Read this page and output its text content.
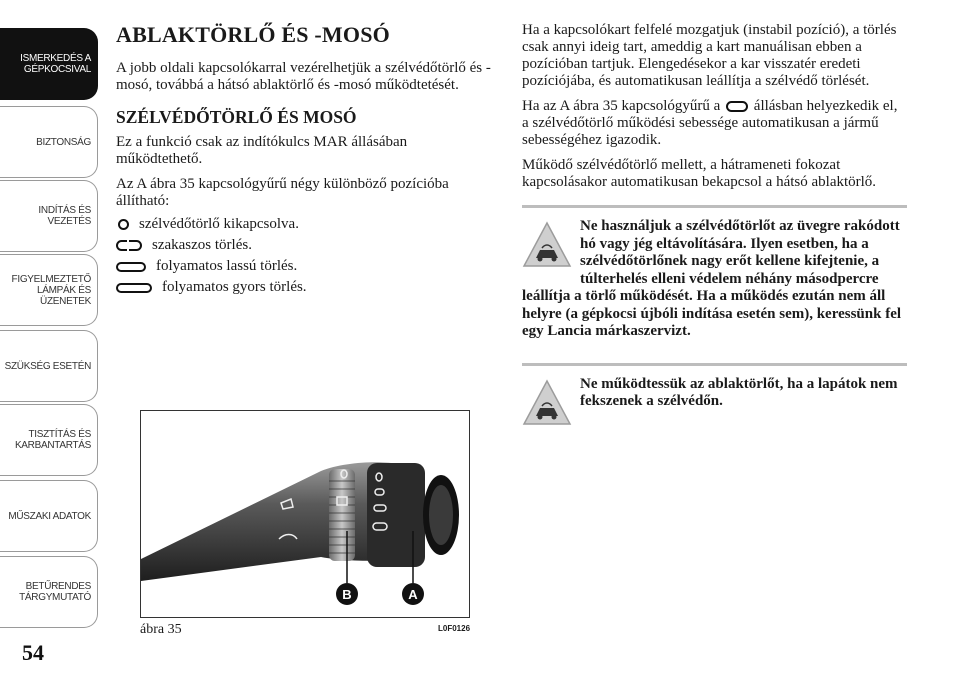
ISMERKEDÉS A GÉPKOCSIVAL
BIZTONSÁG
INDÍTÁS ÉS VEZETÉS
FIGYELMEZTETŐ LÁMPÁK ÉS ÜZENETEK
SZÜKSÉG ESETÉN
TISZTÍTÁS ÉS KARBANTARTÁS
MŰSZAKI ADATOK
BETŰRENDES TÁRGYMUTATÓ
54
ABLAKTÖRLŐ ÉS -MOSÓ

A jobb oldali kapcsolókarral vezérelhetjük a szélvédőtörlő és -mosó, továbbá a hátsó ablaktörlő és -mosó működtetését.

SZÉLVÉDŐTÖRLŐ ÉS MOSÓ

Ez a funkció csak az indítókulcs MAR állásában működtethető.

Az A ábra 35 kapcsológyűrű négy különböző pozícióba állítható:

szélvédőtörlő kikapcsolva.
szakaszos törlés.
folyamatos lassú törlés.
folyamatos gyors törlés.
B	A
ábra 35	L0F0126

Ha a kapcsolókart felfelé mozgatjuk (instabil pozíció), a törlés csak annyi ideig tart, ameddig a kart manuálisan ebben a pozícióban tartjuk. Elengedésekor a kar visszatér eredeti pozíciójába, és automatikusan leállítja a szélvédő törlését.

Ha az A ábra 35 kapcsológyűrű a állásban helyezkedik el, a szélvédőtörlő működési sebessége automatikusan a jármű sebességéhez igazodik.

Működő szélvédőtörlő mellett, a hátrameneti fokozat kapcsolásakor automatikusan bekapcsol a hátsó ablaktörlő.

Ne használjuk a szélvédőtörlőt az üvegre rakódott hó vagy jég eltávolítására. Ilyen esetben, ha a szélvédőtörlőnek nagy erőt kellene kifejtenie, a túlterhelés elleni védelem néhány másodpercre leállítja a törlő működését. Ha a működés ezután nem áll helyre (a gépkocsi újbóli indítása esetén sem), keressünk fel egy Lancia márkaszervizt.

Ne működtessük az ablaktörlőt, ha a lapátok nem fekszenek a szélvédőn.
